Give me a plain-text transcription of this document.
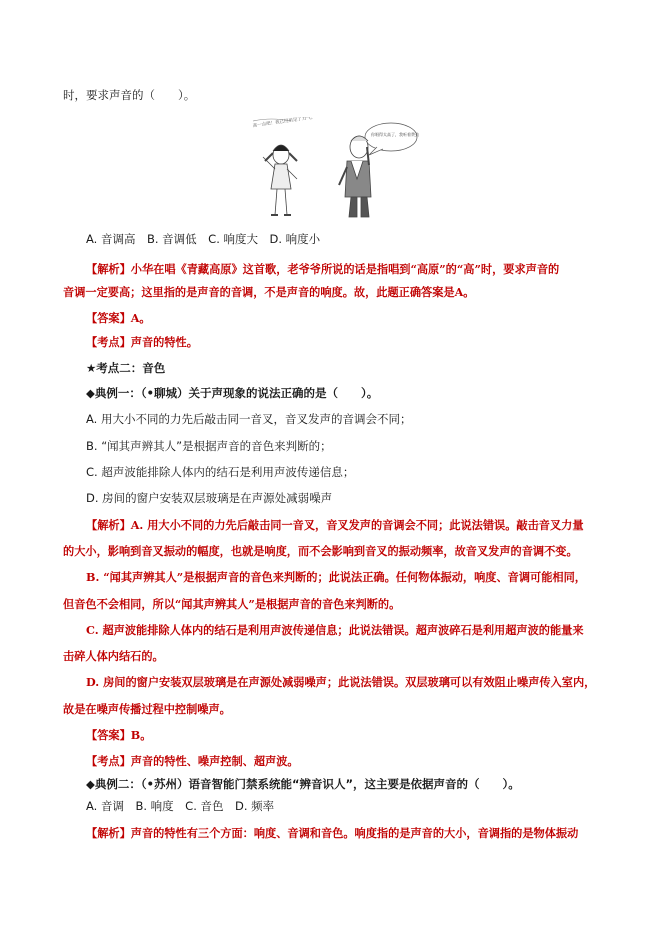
时，要求声音的（　　）。
高一点吧！我已经用足了力气。
你唱得太高了，我听着费劲
A. 音调高　B. 音调低　C. 响度大　D. 响度小
【解析】小华在唱《青藏高原》这首歌，老爷爷所说的话是指唱到“高原”的“高”时，要求声音的
音调一定要高；这里指的是声音的音调，不是声音的响度。故，此题正确答案是A。
【答案】A。
【考点】声音的特性。
★考点二：音色
◆典例一：（•聊城）关于声现象的说法正确的是（　　）。
A. 用大小不同的力先后敲击同一音叉，音叉发声的音调会不同；
B. “闻其声辨其人”是根据声音的音色来判断的；
C. 超声波能排除人体内的结石是利用声波传递信息；
D. 房间的窗户安装双层玻璃是在声源处减弱噪声
【解析】A. 用大小不同的力先后敲击同一音叉，音叉发声的音调会不同；此说法错误。敲击音叉力量
的大小，影响到音叉振动的幅度，也就是响度，而不会影响到音叉的振动频率，故音叉发声的音调不变。
B. “闻其声辨其人”是根据声音的音色来判断的；此说法正确。任何物体振动，响度、音调可能相同，
但音色不会相同，所以“闻其声辨其人”是根据声音的音色来判断的。
C. 超声波能排除人体内的结石是利用声波传递信息；此说法错误。超声波碎石是利用超声波的能量来
击碎人体内结石的。
D. 房间的窗户安装双层玻璃是在声源处减弱噪声；此说法错误。双层玻璃可以有效阻止噪声传入室内，
故是在噪声传播过程中控制噪声。
【答案】B。
【考点】声音的特性、噪声控制、超声波。
◆典例二：（•苏州）语音智能门禁系统能“辨音识人”，这主要是依据声音的（　　）。
A. 音调　B. 响度　C. 音色　D. 频率
【解析】声音的特性有三个方面：响度、音调和音色。响度指的是声音的大小，音调指的是物体振动
